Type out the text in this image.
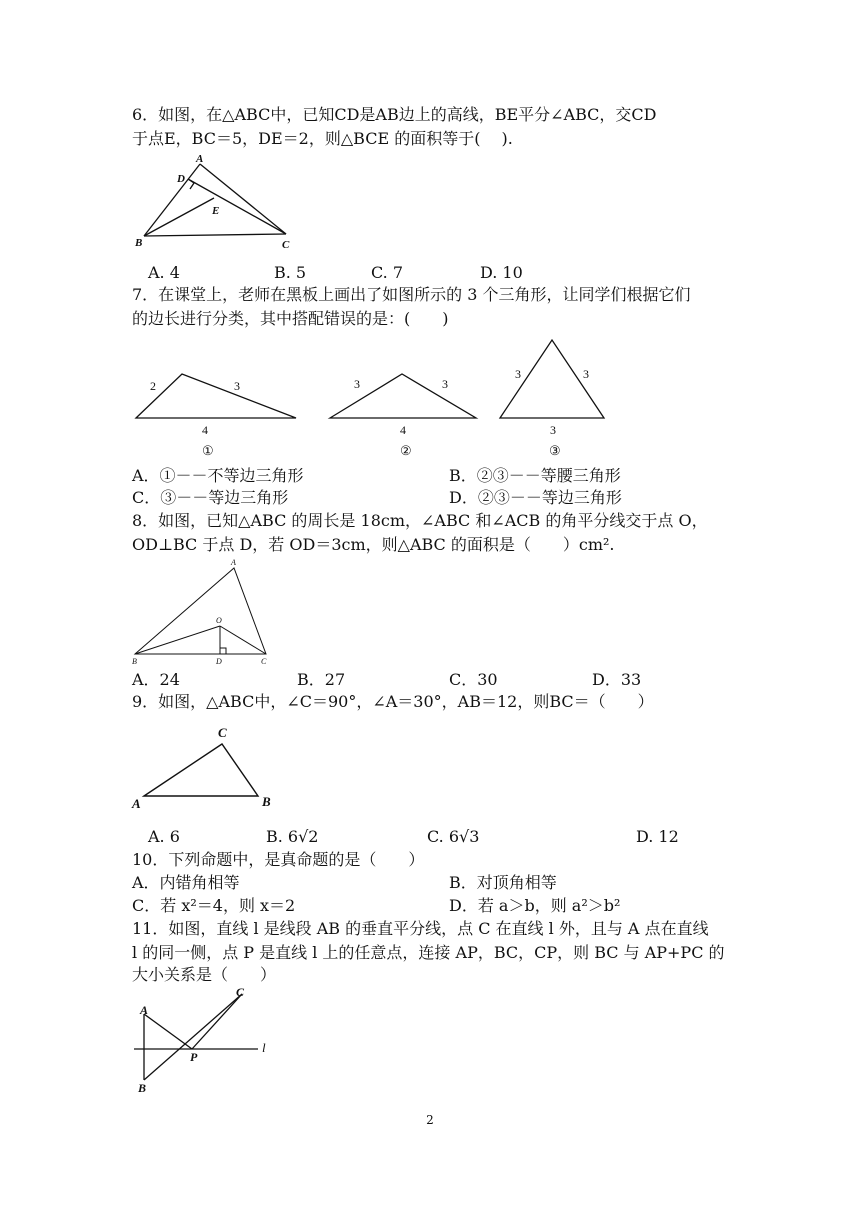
6．如图，在△ABC中，已知CD是AB边上的高线，BE平分∠ABC，交CD
于点E，BC＝5，DE＝2，则△BCE 的面积等于(　 ).
A
D
E
B	C
A. 4	B. 5	C. 7	D. 10
7．在课堂上，老师在黑板上画出了如图所示的 3 个三角形，让同学们根据它们
的边长进行分类，其中搭配错误的是：(　　)
2	3
4
①
3	3
4
②
3	3
3
③
A．①－－不等边三角形	B．②③－－等腰三角形
C．③－－等边三角形	D．②③－－等边三角形
8．如图，已知△ABC 的周长是 18cm，∠ABC 和∠ACB 的角平分线交于点 O，
OD⊥BC 于点 D，若 OD＝3cm，则△ABC 的面积是（　　）cm².
A
O
B	D	C
A．24	B．27	C．30	D．33
9．如图，△ABC中，∠C＝90°，∠A＝30°，AB＝12，则BC＝（　　）
C
A	B
A. 6	B. 6√2	C. 6√3	D. 12
10．下列命题中，是真命题的是（　　）
A．内错角相等	B．对顶角相等
C．若 x²＝4，则 x＝2	D．若 a＞b，则 a²＞b²
11．如图，直线 l 是线段 AB 的垂直平分线，点 C 在直线 l 外，且与 A 点在直线
l 的同一侧，点 P 是直线 l 上的任意点，连接 AP，BC，CP，则 BC 与 AP+PC 的
大小关系是（　　）
C
A
P
l
B
2
